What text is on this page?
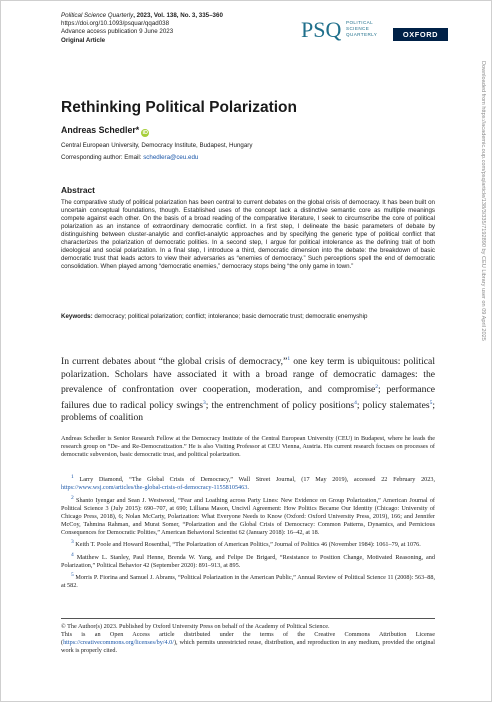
Political Science Quarterly, 2023, Vol. 138, No. 3, 335–360
https://doi.org/10.1093/psquar/qqad038
Advance access publication 9 June 2023
Original Article	PSQ	POLITICAL
SCIENCE
QUARTERLY	OXFORD
Rethinking Political Polarization
Andreas Schedler* iD
Central European University, Democracy Institute, Budapest, Hungary
Corresponding author: Email: schedlera@ceu.edu
Abstract
The comparative study of political polarization has been central to current debates on the global crisis of democracy. It has been built on uncertain conceptual foundations, though. Established uses of the concept lack a distinctive semantic core as multiple meanings compete against each other. On the basis of a broad reading of the comparative literature, I seek to circumscribe the core of political polarization as an instance of extraordinary democratic conflict. In a first step, I delineate the basic parameters of debate by distinguishing between cluster-analytic and conflict-analytic approaches and by specifying the generic type of political conflict that characterizes the polarization of democratic polities. In a second step, I argue for political intolerance as the defining trait of both ideological and social polarization. In a final step, I introduce a third, democratic dimension into the debate: the breakdown of basic democratic trust that leads actors to view their adversaries as “enemies of democracy.” Such perceptions spell the end of democratic consolidation. When played among “democratic enemies,” democracy stops being “the only game in town.”
Keywords: democracy; political polarization; conflict; intolerance; basic democratic trust; democratic enemyship
In current debates about “the global crisis of democracy,”$^1$ one key term is ubiquitous: political polarization. Scholars have associated it with a broad range of democratic damages: the prevalence of confrontation over cooperation, moderation, and compromise$^2$; performance failures due to radical policy swings$^3$; the entrenchment of policy positions$^4$; policy stalemates$^5$; problems of coalition
Andreas Schedler is Senior Research Fellow at the Democracy Institute of the Central European University (CEU) in Budapest, where he leads the research group on “De- and Re-Democratization.” He is also Visiting Professor at CEU Vienna, Austria. His current research focuses on processes of democratic subversion, basic democratic trust, and political polarization.

$^1$ Larry Diamond, “The Global Crisis of Democracy,” Wall Street Journal, (17 May 2019), accessed 22 February 2023, https://www.wsj.com/articles/the-global-crisis-of-democracy-11558105463.

$^2$ Shanto Iyengar and Sean J. Westwood, “Fear and Loathing across Party Lines: New Evidence on Group Polarization,” American Journal of Political Science 3 (July 2015): 690–707, at 690; Lilliana Mason, Uncivil Agreement: How Politics Became Our Identity (Chicago: University of Chicago Press, 2018), 6; Nolan McCarty, Polarization: What Everyone Needs to Know (Oxford: Oxford University Press, 2019), 166; and Jennifer McCoy, Tahmina Rahman, and Murat Somer, “Polarization and the Global Crisis of Democracy: Common Patterns, Dynamics, and Pernicious Consequences for Democratic Polities,” American Behavioral Scientist 62 (January 2018): 16–42, at 18.

$^3$ Keith T. Poole and Howard Rosenthal, “The Polarization of American Politics,” Journal of Politics 46 (November 1984): 1061–79, at 1076.

$^4$ Matthew L. Stanley, Paul Henne, Brenda W. Yang, and Felipe De Brigard, “Resistance to Position Change, Motivated Reasoning, and Polarization,” Political Behavior 42 (September 2020): 891–913, at 895.

$^5$ Morris P. Fiorina and Samuel J. Abrams, “Political Polarization in the American Public,” Annual Review of Political Science 11 (2008): 563–88, at 582.

© The Author(s) 2023. Published by Oxford University Press on behalf of the Academy of Political Science.
This is an Open Access article distributed under the terms of the Creative Commons Attribution License (https://creativecommons.org/licenses/by/4.0/), which permits unrestricted reuse, distribution, and reproduction in any medium, provided the original work is properly cited.
Downloaded from https://academic.oup.com/psq/article/138/3/335/7192890 by CEU Library user on 09 April 2025
